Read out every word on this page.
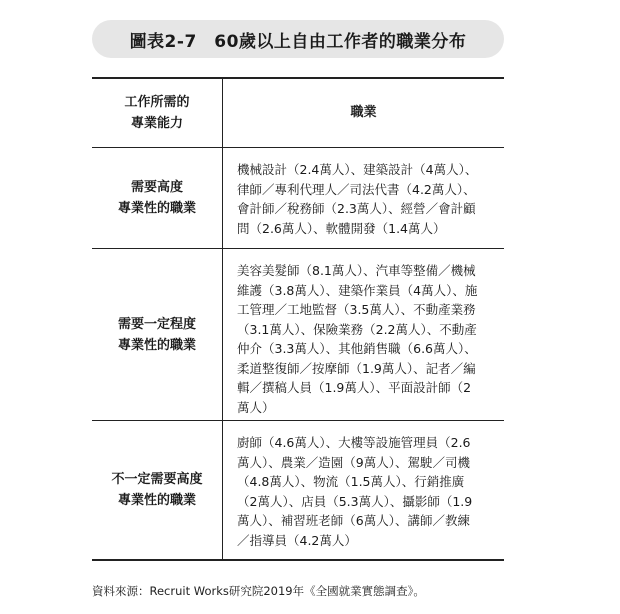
圖表2-7　60歲以上自由工作者的職業分布
工作所需的
專業能力
職業
需要高度
專業性的職業
機械設計（2.4萬人）、建築設計（4萬人）、
律師／專利代理人／司法代書（4.2萬人）、
會計師／稅務師（2.3萬人）、經營／會計顧
問（2.6萬人）、軟體開發（1.4萬人）
需要一定程度
專業性的職業
美容美髮師（8.1萬人）、汽車等整備／機械
維護（3.8萬人）、建築作業員（4萬人）、施
工管理／工地監督（3.5萬人）、不動產業務
（3.1萬人）、保險業務（2.2萬人）、不動產
仲介（3.3萬人）、其他銷售職（6.6萬人）、
柔道整復師／按摩師（1.9萬人）、記者／編
輯／撰稿人員（1.9萬人）、平面設計師（2
萬人）
不一定需要高度
專業性的職業
廚師（4.6萬人）、大樓等設施管理員（2.6
萬人）、農業／造園（9萬人）、駕駛／司機
（4.8萬人）、物流（1.5萬人）、行銷推廣
（2萬人）、店員（5.3萬人）、攝影師（1.9
萬人）、補習班老師（6萬人）、講師／教練
／指導員（4.2萬人）
資料來源：Recruit Works研究院2019年《全國就業實態調查》。
